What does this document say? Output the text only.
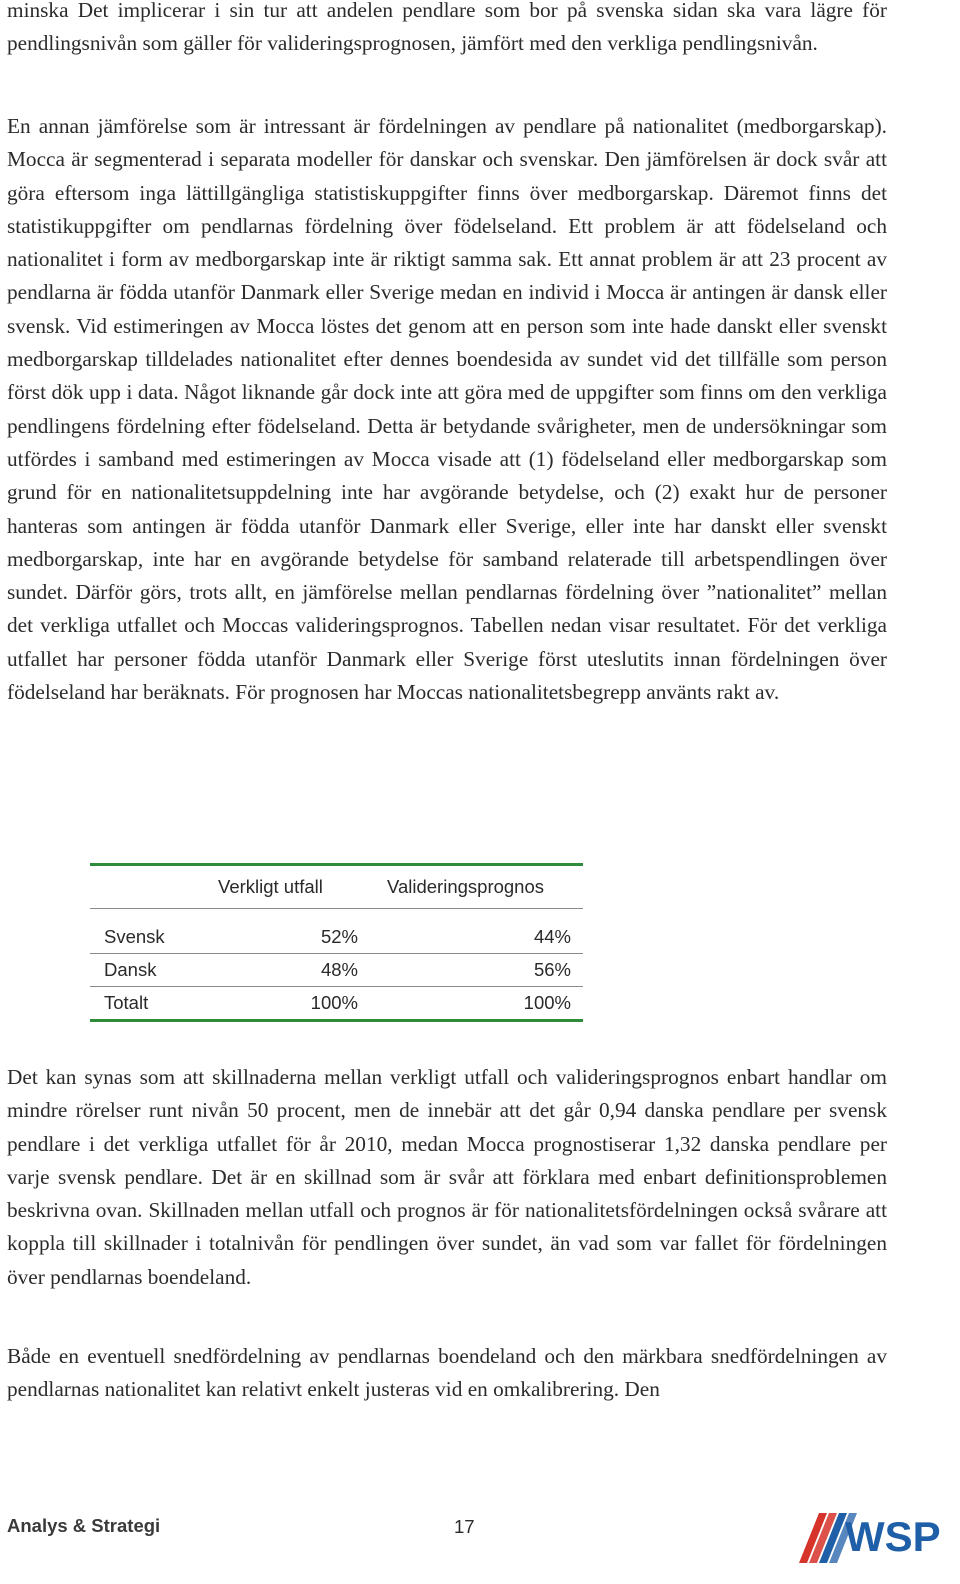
minska Det implicerar i sin tur att andelen pendlare som bor på svenska sidan ska vara lägre för pendlingsnivån som gäller för valideringsprognosen, jämfört med den verkliga pendlingsnivån.

En annan jämförelse som är intressant är fördelningen av pendlare på nationalitet (medborgarskap). Mocca är segmenterad i separata modeller för danskar och svenskar. Den jämförelsen är dock svår att göra eftersom inga lättillgängliga statistiskuppgifter finns över medborgarskap. Däremot finns det statistikuppgifter om pendlarnas fördelning över födelseland. Ett problem är att födelseland och nationalitet i form av medborgarskap inte är riktigt samma sak. Ett annat problem är att 23 procent av pendlarna är födda utanför Danmark eller Sverige medan en individ i Mocca är antingen är dansk eller svensk. Vid estimeringen av Mocca löstes det genom att en person som inte hade danskt eller svenskt medborgarskap tilldelades nationalitet efter dennes boendesida av sundet vid det tillfälle som person först dök upp i data. Något liknande går dock inte att göra med de uppgifter som finns om den verkliga pendlingens fördelning efter födelseland. Detta är betydande svårigheter, men de undersökningar som utfördes i samband med estimeringen av Mocca visade att (1) födelseland eller medborgarskap som grund för en nationalitetsuppdelning inte har avgörande betydelse, och (2) exakt hur de personer hanteras som antingen är födda utanför Danmark eller Sverige, eller inte har danskt eller svenskt medborgarskap, inte har en avgörande betydelse för samband relaterade till arbetspendlingen över sundet. Därför görs, trots allt, en jämförelse mellan pendlarnas fördelning över ”nationalitet” mellan det verkliga utfallet och Moccas valideringsprognos. Tabellen nedan visar resultatet. För det verkliga utfallet har personer födda utanför Danmark eller Sverige först uteslutits innan fördelningen över födelseland har beräknats. För prognosen har Moccas nationalitetsbegrepp använts rakt av.

Det kan synas som att skillnaderna mellan verkligt utfall och valideringsprognos enbart handlar om mindre rörelser runt nivån 50 procent, men de innebär att det går 0,94 danska pendlare per svensk pendlare i det verkliga utfallet för år 2010, medan Mocca prognostiserar 1,32 danska pendlare per varje svensk pendlare. Det är en skillnad som är svår att förklara med enbart definitionsproblemen beskrivna ovan. Skillnaden mellan utfall och prognos är för nationalitetsfördelningen också svårare att koppla till skillnader i totalnivån för pendlingen över sundet, än vad som var fallet för fördelningen över pendlarnas boendeland.

Både en eventuell snedfördelning av pendlarnas boendeland och den märkbara snedfördelningen av pendlarnas nationalitet kan relativt enkelt justeras vid en omkalibrering. Den

	Verkligt utfall	Valideringsprognos

Svensk	52%	44%
Dansk	48%	56%
Totalt	100%	100%
Analys & Strategi	17	WSP
